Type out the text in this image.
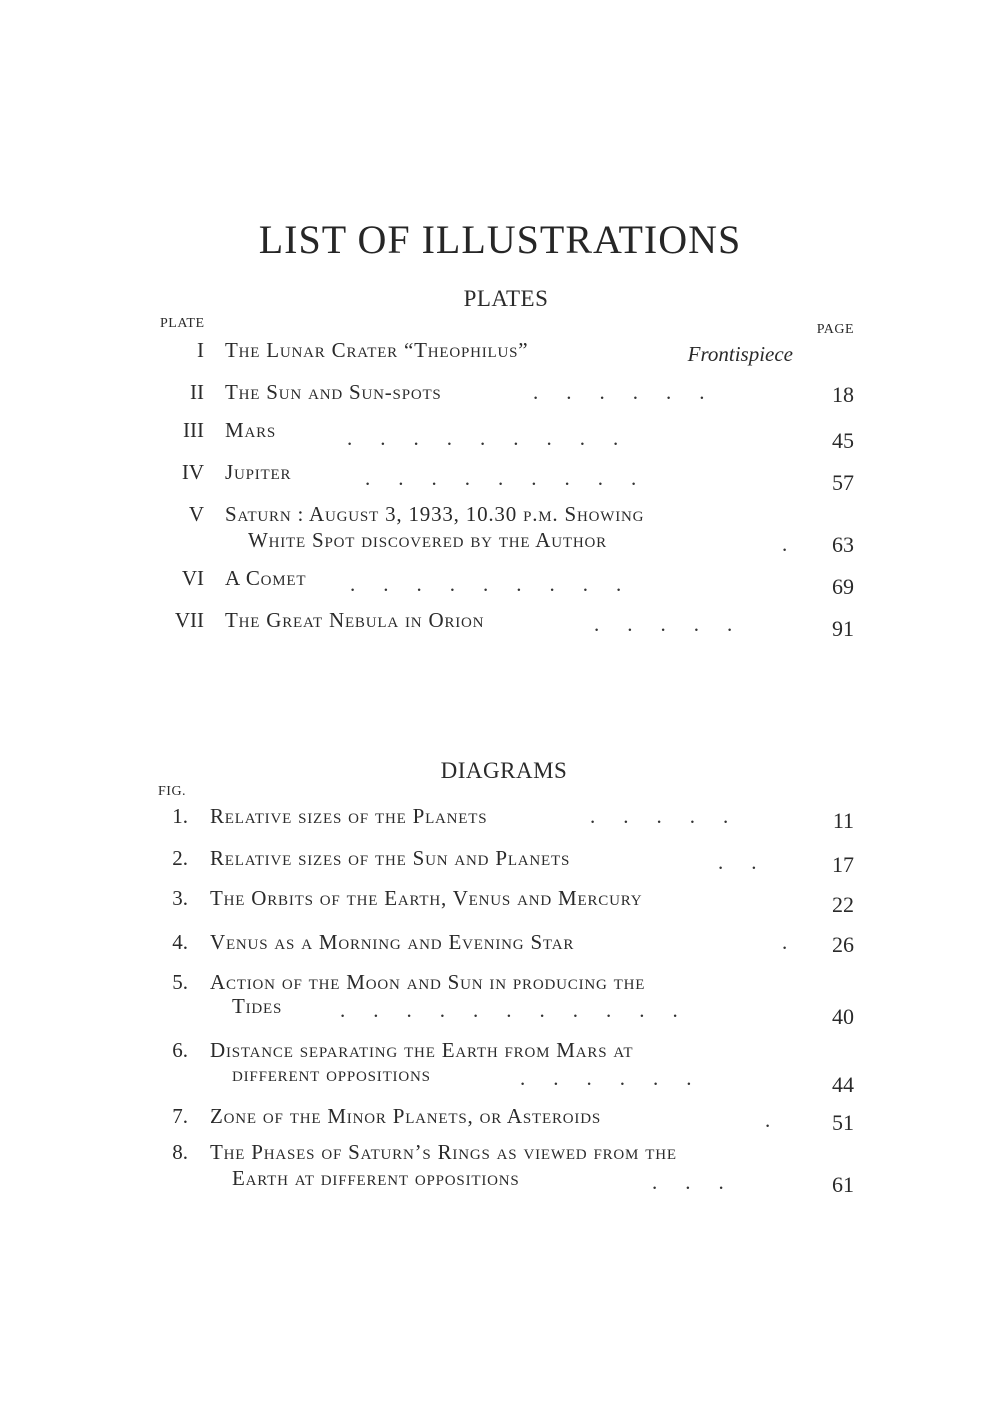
LIST OF ILLUSTRATIONS
PLATES
PLATE	PAGE
I The Lunar Crater “Theophilus”	Frontispiece
II The Sun and Sun-spots	......	18
III Mars	.........	45
IV Jupiter	.........	57
V Saturn : August 3, 1933, 10.30 p.m. Showing
White Spot discovered by the Author	. 63
VI A Comet .........	69
VII The Great Nebula in Orion	.....	91
DIAGRAMS
FIG.
1. Relative sizes of the Planets	.....	11
2. Relative sizes of the Sun and Planets	..	17
3. The Orbits of the Earth, Venus and Mercury	22
4. Venus as a Morning and Evening Star	. 26
5. Action of the Moon and Sun in producing the
Tides	...........	40
6. Distance separating the Earth from Mars at
different oppositions	......	44
7. Zone of the Minor Planets, or Asteroids	.	51
8. The Phases of Saturn’s Rings as viewed from the
Earth at different oppositions	...	61
